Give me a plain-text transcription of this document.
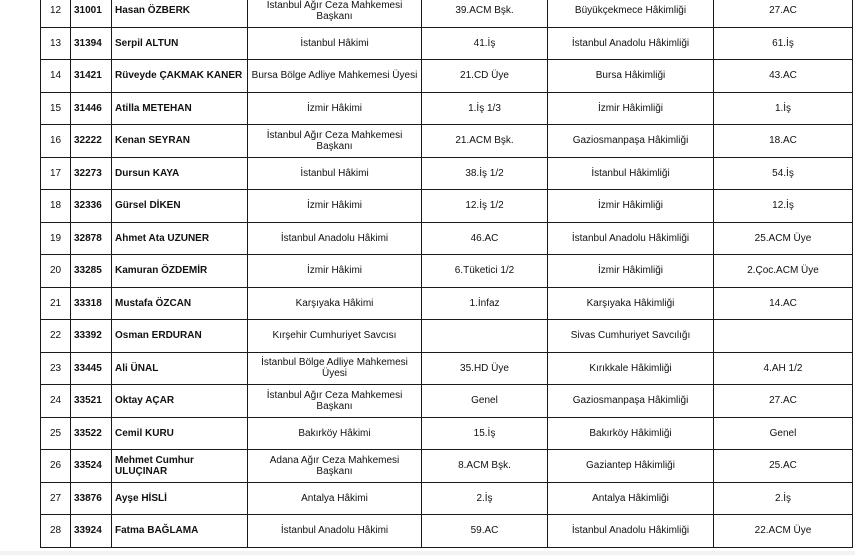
12	31001	Hasan ÖZBERK	İstanbul Ağır Ceza Mahkemesi Başkanı	39.ACM Bşk.	Büyükçekmece Hâkimliği	27.AC
13	31394	Serpil ALTUN	İstanbul Hâkimi	41.İş	İstanbul Anadolu Hâkimliği	61.İş
14	31421	Rüveyde ÇAKMAK KANER	Bursa Bölge Adliye Mahkemesi Üyesi	21.CD Üye	Bursa Hâkimliği	43.AC
15	31446	Atilla METEHAN	İzmir Hâkimi	1.İş 1/3	İzmir Hâkimliği	1.İş
16	32222	Kenan SEYRAN	İstanbul Ağır Ceza Mahkemesi Başkanı	21.ACM Bşk.	Gaziosmanpaşa Hâkimliği	18.AC
17	32273	Dursun KAYA	İstanbul Hâkimi	38.İş 1/2	İstanbul Hâkimliği	54.İş
18	32336	Gürsel DİKEN	İzmir Hâkimi	12.İş 1/2	İzmir Hâkimliği	12.İş
19	32878	Ahmet Ata UZUNER	İstanbul Anadolu Hâkimi	46.AC	İstanbul Anadolu Hâkimliği	25.ACM Üye
20	33285	Kamuran ÖZDEMİR	İzmir Hâkimi	6.Tüketici 1/2	İzmir Hâkimliği	2.Çoc.ACM Üye
21	33318	Mustafa ÖZCAN	Karşıyaka Hâkimi	1.İnfaz	Karşıyaka Hâkimliği	14.AC
22	33392	Osman ERDURAN	Kırşehir Cumhuriyet Savcısı		Sivas Cumhuriyet Savcılığı	
23	33445	Ali ÜNAL	İstanbul Bölge Adliye Mahkemesi Üyesi	35.HD Üye	Kırıkkale Hâkimliği	4.AH 1/2
24	33521	Oktay AÇAR	İstanbul Ağır Ceza Mahkemesi Başkanı	Genel	Gaziosmanpaşa Hâkimliği	27.AC
25	33522	Cemil KURU	Bakırköy Hâkimi	15.İş	Bakırköy Hâkimliği	Genel
26	33524	Mehmet Cumhur ULUÇINAR	Adana Ağır Ceza Mahkemesi Başkanı	8.ACM Bşk.	Gaziantep Hâkimliği	25.AC
27	33876	Ayşe HİSLİ	Antalya Hâkimi	2.İş	Antalya Hâkimliği	2.İş
28	33924	Fatma BAĞLAMA	İstanbul Anadolu Hâkimi	59.AC	İstanbul Anadolu Hâkimliği	22.ACM Üye
